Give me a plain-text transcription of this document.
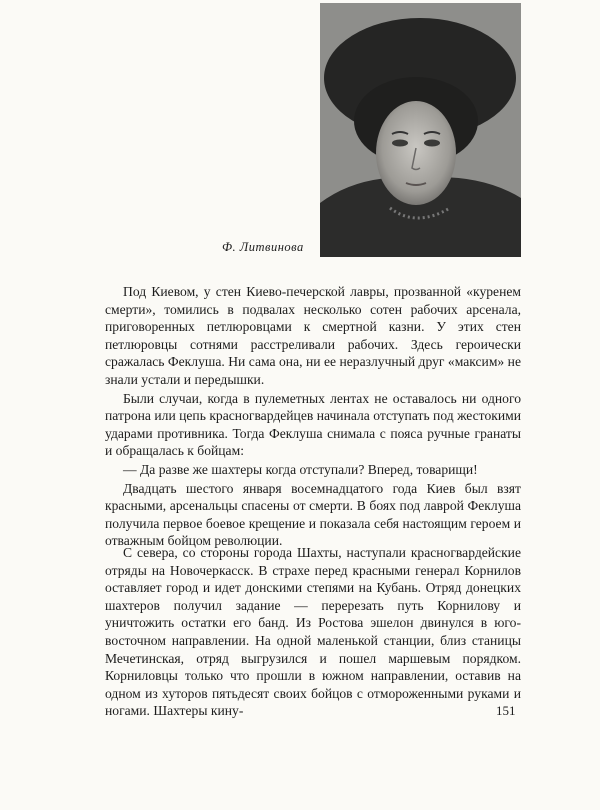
Ф. Литвинова

Под Киевом, у стен Киево-печерской лавры, прозванной «куренем смерти», томились в подвалах несколько сотен рабочих арсенала, приговоренных петлюровцами к смертной казни. У этих стен петлюровцы сотнями расстреливали рабочих. Здесь героически сражалась Феклуша. Ни сама она, ни ее неразлучный друг «максим» не знали устали и передышки.

Были случаи, когда в пулеметных лентах не оставалось ни одного патрона или цепь красногвардейцев начинала отступать под жестокими ударами противника. Тогда Феклуша снимала с пояса ручные гранаты и обращалась к бойцам:

— Да разве же шахтеры когда отступали? Вперед, товарищи!

Двадцать шестого января восемнадцатого года Киев был взят красными, арсенальцы спасены от смерти. В боях под лаврой Феклуша получила первое боевое крещение и показала себя настоящим героем и отважным бойцом революции.

С севера, со стороны города Шахты, наступали красногвардейские отряды на Новочеркасск. В страхе перед красными генерал Корнилов оставляет город и идет донскими степями на Кубань. Отряд донецких шахтеров получил задание — перерезать путь Корнилову и уничтожить остатки его банд. Из Ростова эшелон двинулся в юго-восточном направлении. На одной маленькой станции, близ станицы Мечетинская, отряд выгрузился и пошел маршевым порядком. Корниловцы только что прошли в южном направлении, оставив на одном из хуторов пятьдесят своих бойцов с отмороженными руками и ногами. Шахтеры кину-	151
